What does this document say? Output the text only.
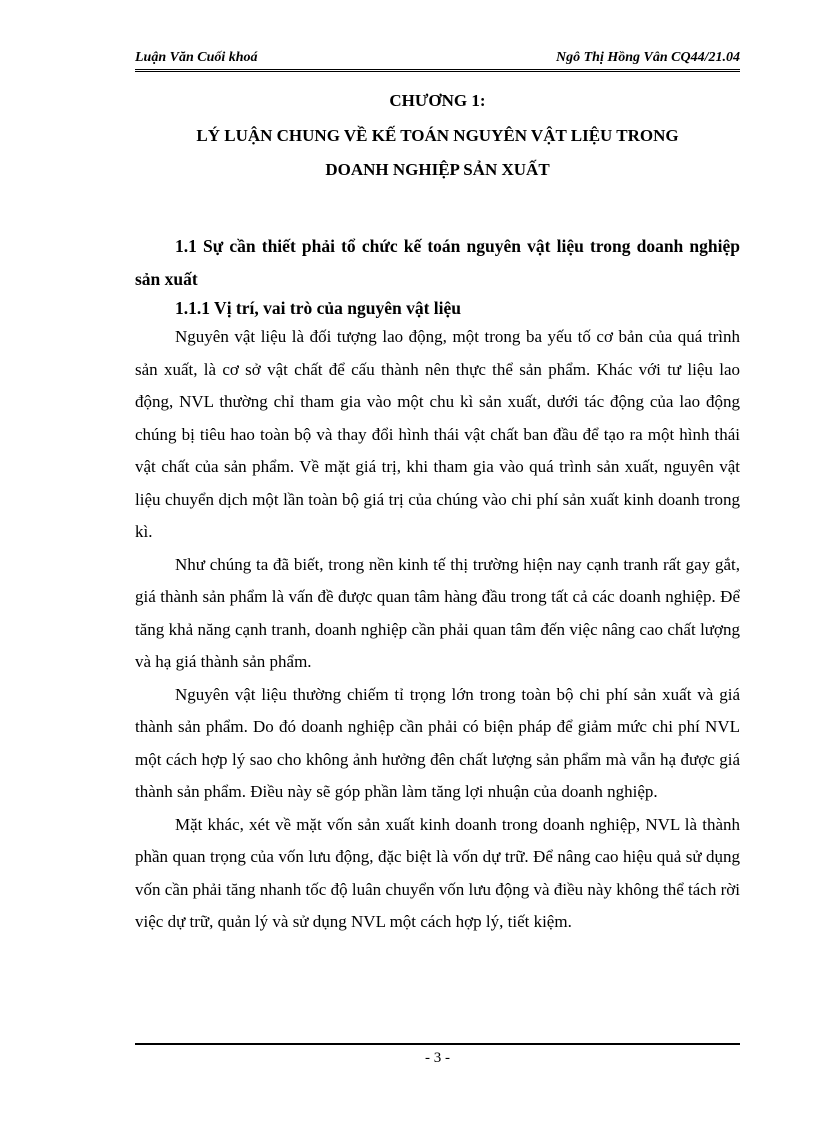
Luận Văn Cuối khoá	Ngô Thị Hồng Vân CQ44/21.04
CHƯƠNG 1:
LÝ LUẬN CHUNG VỀ KẾ TOÁN NGUYÊN VẬT LIỆU TRONG
DOANH NGHIỆP SẢN XUẤT
1.1 Sự cần thiết phải tổ chức kế toán nguyên vật liệu trong doanh nghiệp sản xuất
1.1.1 Vị trí, vai trò của nguyên vật liệu

Nguyên vật liệu là đối tượng lao động, một trong ba yếu tố cơ bản của quá trình sản xuất, là cơ sở vật chất để cấu thành nên thực thể sản phẩm. Khác với tư liệu lao động, NVL thường chỉ tham gia vào một chu kì sản xuất, dưới tác động của lao động chúng bị tiêu hao toàn bộ và thay đổi hình thái vật chất ban đầu để tạo ra một hình thái vật chất của sản phẩm. Về mặt giá trị, khi tham gia vào quá trình sản xuất, nguyên vật liệu chuyển dịch một lần toàn bộ giá trị của chúng vào chi phí sản xuất kinh doanh trong kì.

Như chúng ta đã biết, trong nền kinh tế thị trường hiện nay cạnh tranh rất gay gắt, giá thành sản phẩm là vấn đề được quan tâm hàng đầu trong tất cả các doanh nghiệp. Để tăng khả năng cạnh tranh, doanh nghiệp cần phải quan tâm đến việc nâng cao chất lượng và hạ giá thành sản phẩm.

Nguyên vật liệu thường chiếm tỉ trọng lớn trong toàn bộ chi phí sản xuất và giá thành sản phẩm. Do đó doanh nghiệp cần phải có biện pháp để giảm mức chi phí NVL một cách hợp lý sao cho không ảnh hưởng đên chất lượng sản phẩm mà vẫn hạ được giá thành sản phẩm. Điều này sẽ góp phần làm tăng lợi nhuận của doanh nghiệp.

Mặt khác, xét về mặt vốn sản xuất kinh doanh trong doanh nghiệp, NVL là thành phần quan trọng của vốn lưu động, đặc biệt là vốn dự trữ. Để nâng cao hiệu quả sử dụng vốn cần phải tăng nhanh tốc độ luân chuyển vốn lưu động và điều này không thể tách rời việc dự trữ, quản lý và sử dụng NVL một cách hợp lý, tiết kiệm.

- 3 -
